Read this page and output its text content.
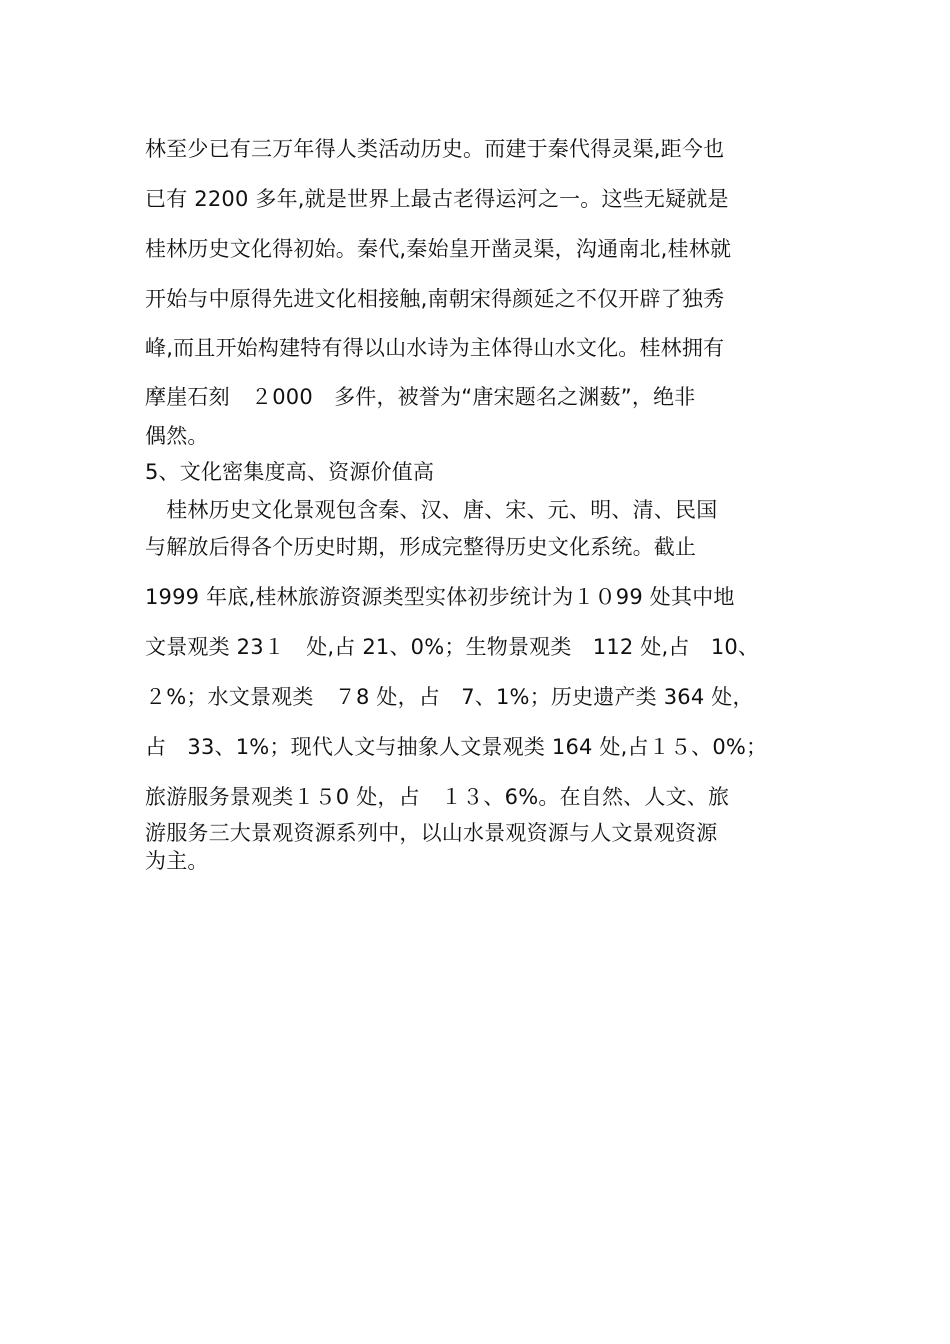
林至少已有三万年得人类活动历史。而建于秦代得灵渠,距今也
已有 2200 多年,就是世界上最古老得运河之一。这些无疑就是
桂林历史文化得初始。秦代,秦始皇开凿灵渠，沟通南北,桂林就
开始与中原得先进文化相接触,南朝宋得颜延之不仅开辟了独秀
峰,而且开始构建特有得以山水诗为主体得山水文化。桂林拥有
摩崖石刻　２000　多件，被誉为“唐宋题名之渊薮”，绝非
偶然。
5、文化密集度高、资源价值高
　桂林历史文化景观包含秦、汉、唐、宋、元、明、清、民国
与解放后得各个历史时期，形成完整得历史文化系统。截止
1999 年底,桂林旅游资源类型实体初步统计为１０99 处其中地
文景观类 23１　处,占 21、0%；生物景观类　112 处,占　10、
２%；水文景观类　７8 处，占　7、1%；历史遗产类 364 处，
占　33、1%；现代人文与抽象人文景观类 164 处,占１５、0%；
旅游服务景观类１５0 处，占　１３、6%。在自然、人文、旅
游服务三大景观资源系列中，以山水景观资源与人文景观资源
为主。
